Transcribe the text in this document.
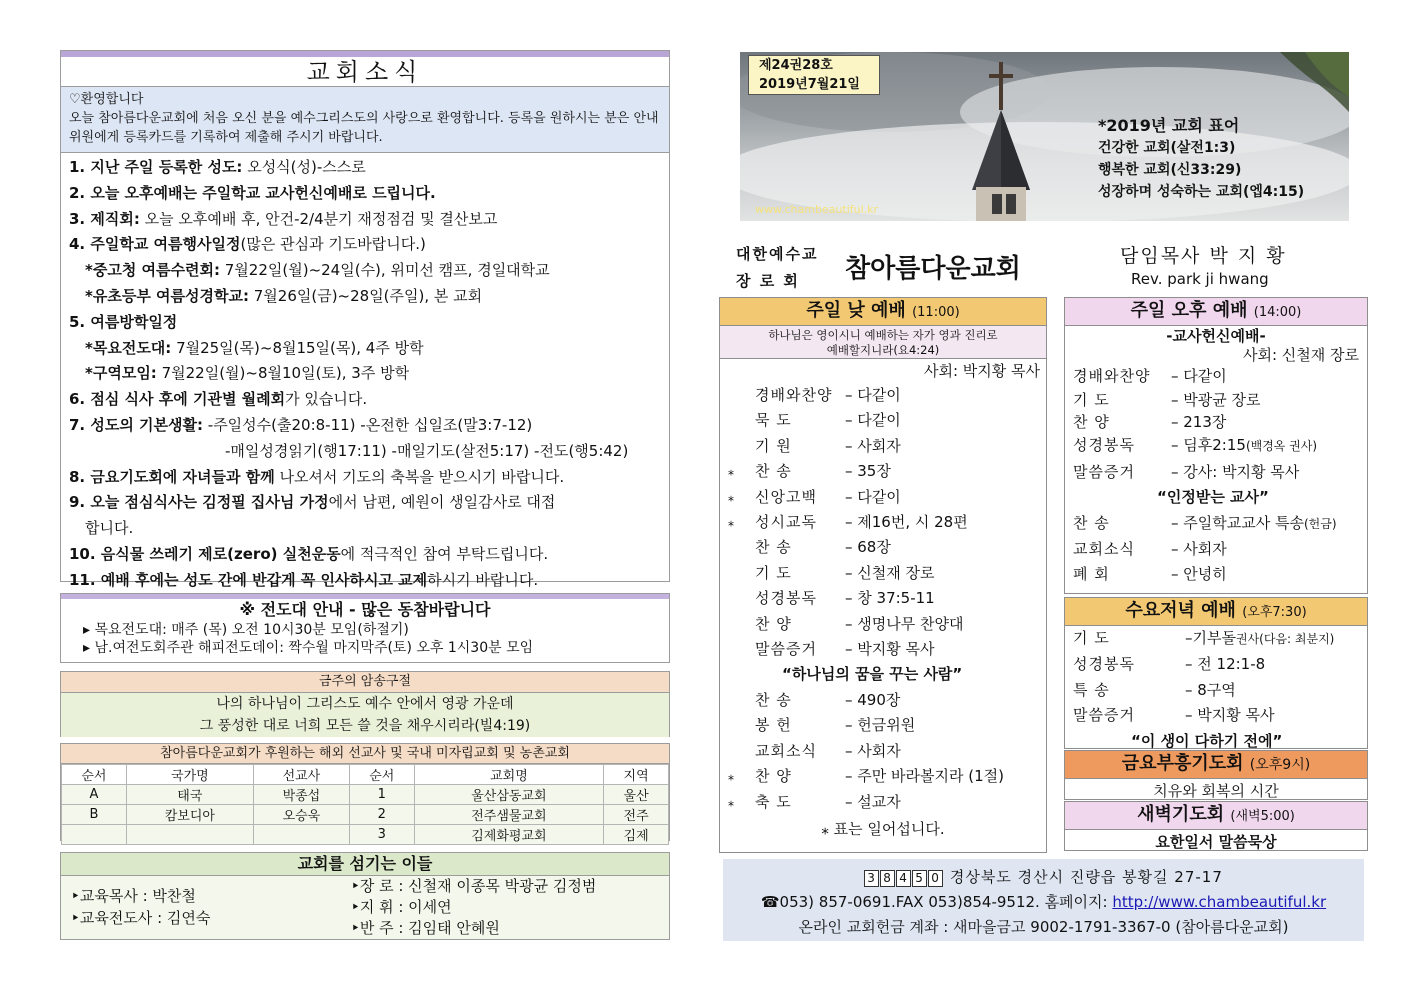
교회소식
♡환영합니다
오늘 참아름다운교회에 처음 오신 분을 예수그리스도의 사랑으로 환영합니다. 등록을 원하시는 분은 안내위원에게 등록카드를 기록하여 제출해 주시기 바랍니다.
1. 지난 주일 등록한 성도: 오성식(성)-스스로
2. 오늘 오후예배는 주일학교 교사헌신예배로 드립니다.
3. 제직회: 오늘 오후예배 후, 안건-2/4분기 재정점검 및 결산보고
4. 주일학교 여름행사일정(많은 관심과 기도바랍니다.)
*중고청 여름수련회: 7월22일(월)~24일(수), 위미선 캠프, 경일대학교
*유초등부 여름성경학교: 7월26일(금)~28일(주일), 본 교회
5. 여름방학일정
*목요전도대: 7월25일(목)~8월15일(목), 4주 방학
*구역모임: 7월22일(월)~8월10일(토), 3주 방학
6. 점심 식사 후에 기관별 월례회가 있습니다.
7. 성도의 기본생활: -주일성수(출20:8-11) -온전한 십일조(말3:7-12)
-매일성경읽기(행17:11) -매일기도(살전5:17) -전도(행5:42)
8. 금요기도회에 자녀들과 함께 나오셔서 기도의 축복을 받으시기 바랍니다.
9. 오늘 점심식사는 김정필 집사님 가정에서 남편, 예원이 생일감사로 대접
합니다.
10. 음식물 쓰레기 제로(zero) 실천운동에 적극적인 참여 부탁드립니다.
11. 예배 후에는 성도 간에 반갑게 꼭 인사하시고 교제하시기 바랍니다.
※ 전도대 안내 - 많은 동참바랍니다
▸ 목요전도대: 매주 (목) 오전 10시30분 모임(하절기)
▸ 남.여전도회주관 해피전도데이: 짝수월 마지막주(토) 오후 1시30분 모임
금주의 암송구절
나의 하나님이 그리스도 예수 안에서 영광 가운데
그 풍성한 대로 너희 모든 쓸 것을 채우시리라(빌4:19)
참아름다운교회가 후원하는 해외 선교사 및 국내 미자립교회 및 농촌교회
순서	국가명	선교사	순서	교회명	지역
A	태국	박종섭	1	울산삼동교회	울산
B	캄보디아	오승욱	2	전주샘물교회	전주
			3	김제화평교회	김제
교회를 섬기는 이들
‣교육목사 : 박찬철
‣교육전도사 : 김연숙
‣장 로 : 신철재 이종목 박광균 김정범
‣지 휘 : 이세연
‣반 주 : 김임태 안혜원
제24권28호
2019년7월21일
*2019년 교회 표어
건강한 교회(살전1:3)
행복한 교회(신33:29)
성장하며 성숙하는 교회(엡4:15)
www.chambeautiful.kr
대한예수교
장 로 회	참아름다운교회	담임목사 박 지 황
Rev. park ji hwang
주일 낮 예배 (11:00)
하나님은 영이시니 예배하는 자가 영과 진리로
예배할지니라(요4:24)
사회: 박지황 목사
경배와찬양 – 다같이
묵 도	– 다같이
기 원	– 사회자
⁎ 찬 송	– 35장
⁎ 신앙고백 – 다같이
⁎ 성시교독 – 제16번, 시 28편
찬 송	– 68장
기 도	– 신철재 장로
성경봉독 – 창 37:5-11
찬 양	– 생명나무 찬양대
말씀증거 – 박지황 목사
“하나님의 꿈을 꾸는 사람”
찬 송	– 490장
봉 헌	– 헌금위원
교회소식 – 사회자
⁎ 찬 양	– 주만 바라볼지라 (1절)
⁎ 축 도	– 설교자
⁎ 표는 일어섭니다.
주일 오후 예배 (14:00)
-교사헌신예배-
사회: 신철재 장로
경배와찬양 – 다같이
기 도	– 박광균 장로
찬 양	– 213장
성경봉독 – 딤후2:15(백경옥 권사)
말씀증거 – 강사: 박지황 목사
“인정받는 교사”
찬 송	– 주일학교교사 특송(헌금)
교회소식 – 사회자
폐 회	– 안녕히
수요저녁 예배 (오후7:30)
기 도	–기부돌권사(다음: 최분지)
성경봉독	– 전 12:1-8
특 송	– 8구역
말씀증거	– 박지황 목사
“이 생이 다하기 전에”
금요부흥기도회 (오후9시)
치유와 회복의 시간
새벽기도회 (새벽5:00)
요한일서 말씀묵상
3 8 4 5 0 경상북도 경산시 진량읍 봉황길 27-17
☎053) 857-0691.FAX 053)854-9512. 홈페이지: http://www.chambeautiful.kr
온라인 교회헌금 계좌 : 새마을금고 9002-1791-3367-0 (참아름다운교회)
